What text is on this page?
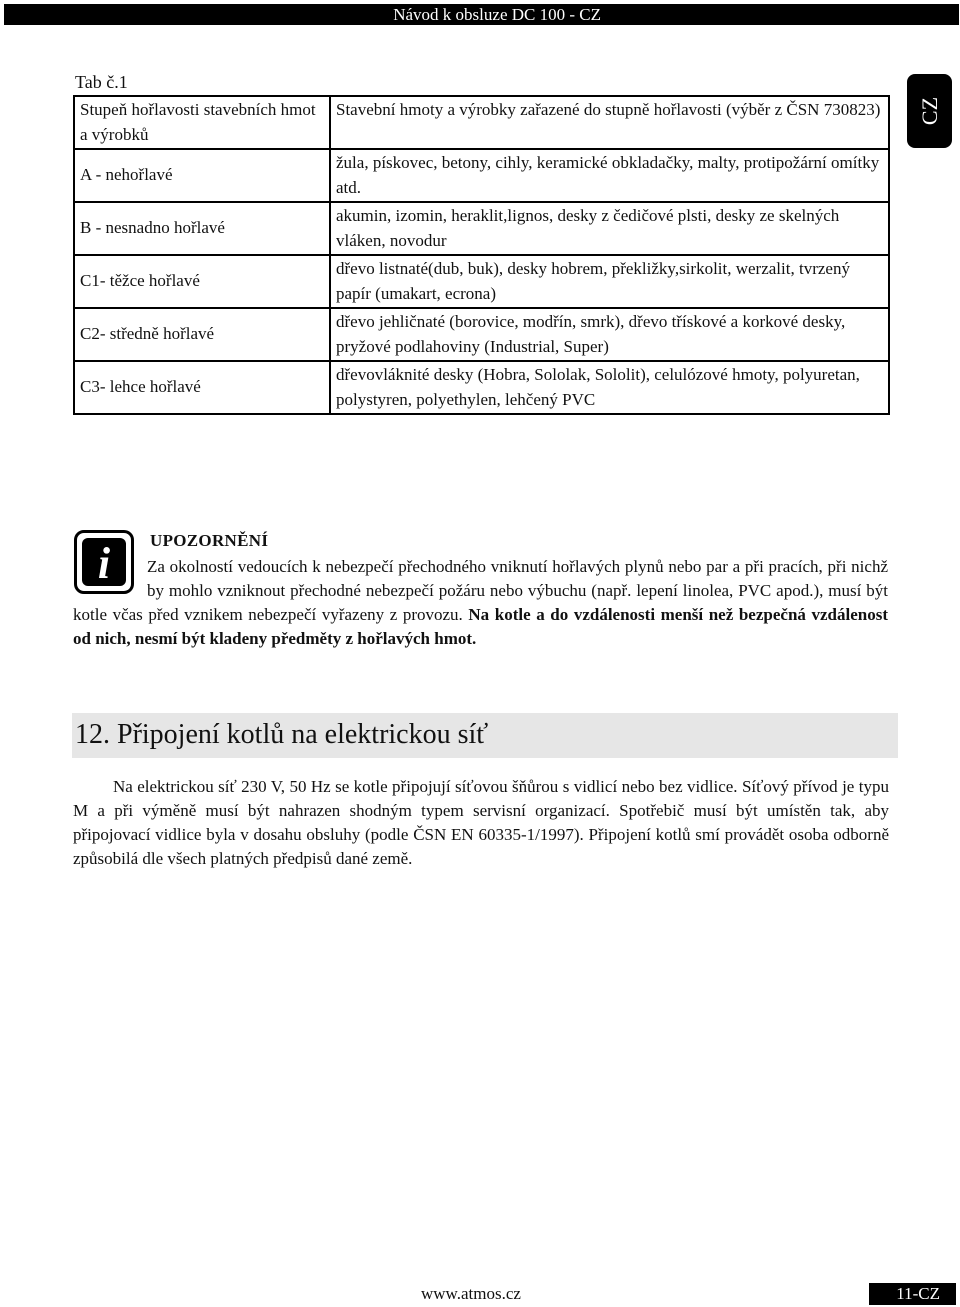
Návod k obsluze DC 100 - CZ
CZ
Tab č.1
Stupeň hořlavosti stavebních hmot a výrobků	Stavební hmoty a výrobky zařazené do stupně hořlavosti (výběr z ČSN 730823)
A - nehořlavé	žula, pískovec, betony, cihly, keramické obkladačky, malty, protipožární omítky atd.
B - nesnadno hořlavé	akumin, izomin, heraklit,lignos, desky z čedičové plsti, desky ze skelných vláken, novodur
C1- těžce hořlavé	dřevo listnaté(dub, buk), desky hobrem, překližky,sirkolit, werzalit, tvrzený papír (umakart, ecrona)
C2- středně hořlavé	dřevo jehličnaté (borovice, modřín, smrk), dřevo třískové a korkové desky, pryžové podlahoviny (Industrial, Super)
C3- lehce hořlavé	dřevovláknité desky (Hobra, Sololak, Sololit), celulózové hmoty, polyuretan, polystyren, polyethylen, lehčený PVC
i	UPOZORNĚNÍ
Za okolností vedoucích k nebezpečí přechodného vniknutí hořlavých plynů nebo par a při pracích, při nichž by mohlo vzniknout přechodné nebezpečí požáru nebo výbuchu (např. lepení linolea, PVC apod.), musí být kotle včas před vznikem nebezpečí vyřazeny z provozu. Na kotle a do vzdálenosti menší než bezpečná vzdálenost od nich, nesmí být kladeny předměty z hořlavých hmot.
12. Připojení kotlů na elektrickou síť
Na elektrickou síť 230 V, 50 Hz se kotle připojují síťovou šňůrou s vidlicí nebo bez vidlice. Síťový přívod je typu M a při výměně musí být nahrazen shodným typem servisní organizací. Spotřebič musí být umístěn tak, aby připojovací vidlice byla v dosahu obsluhy (podle ČSN EN 60335-1/1997). Připojení kotlů smí provádět osoba odborně způsobilá dle všech platných předpisů dané země.
www.atmos.cz	11-CZ
